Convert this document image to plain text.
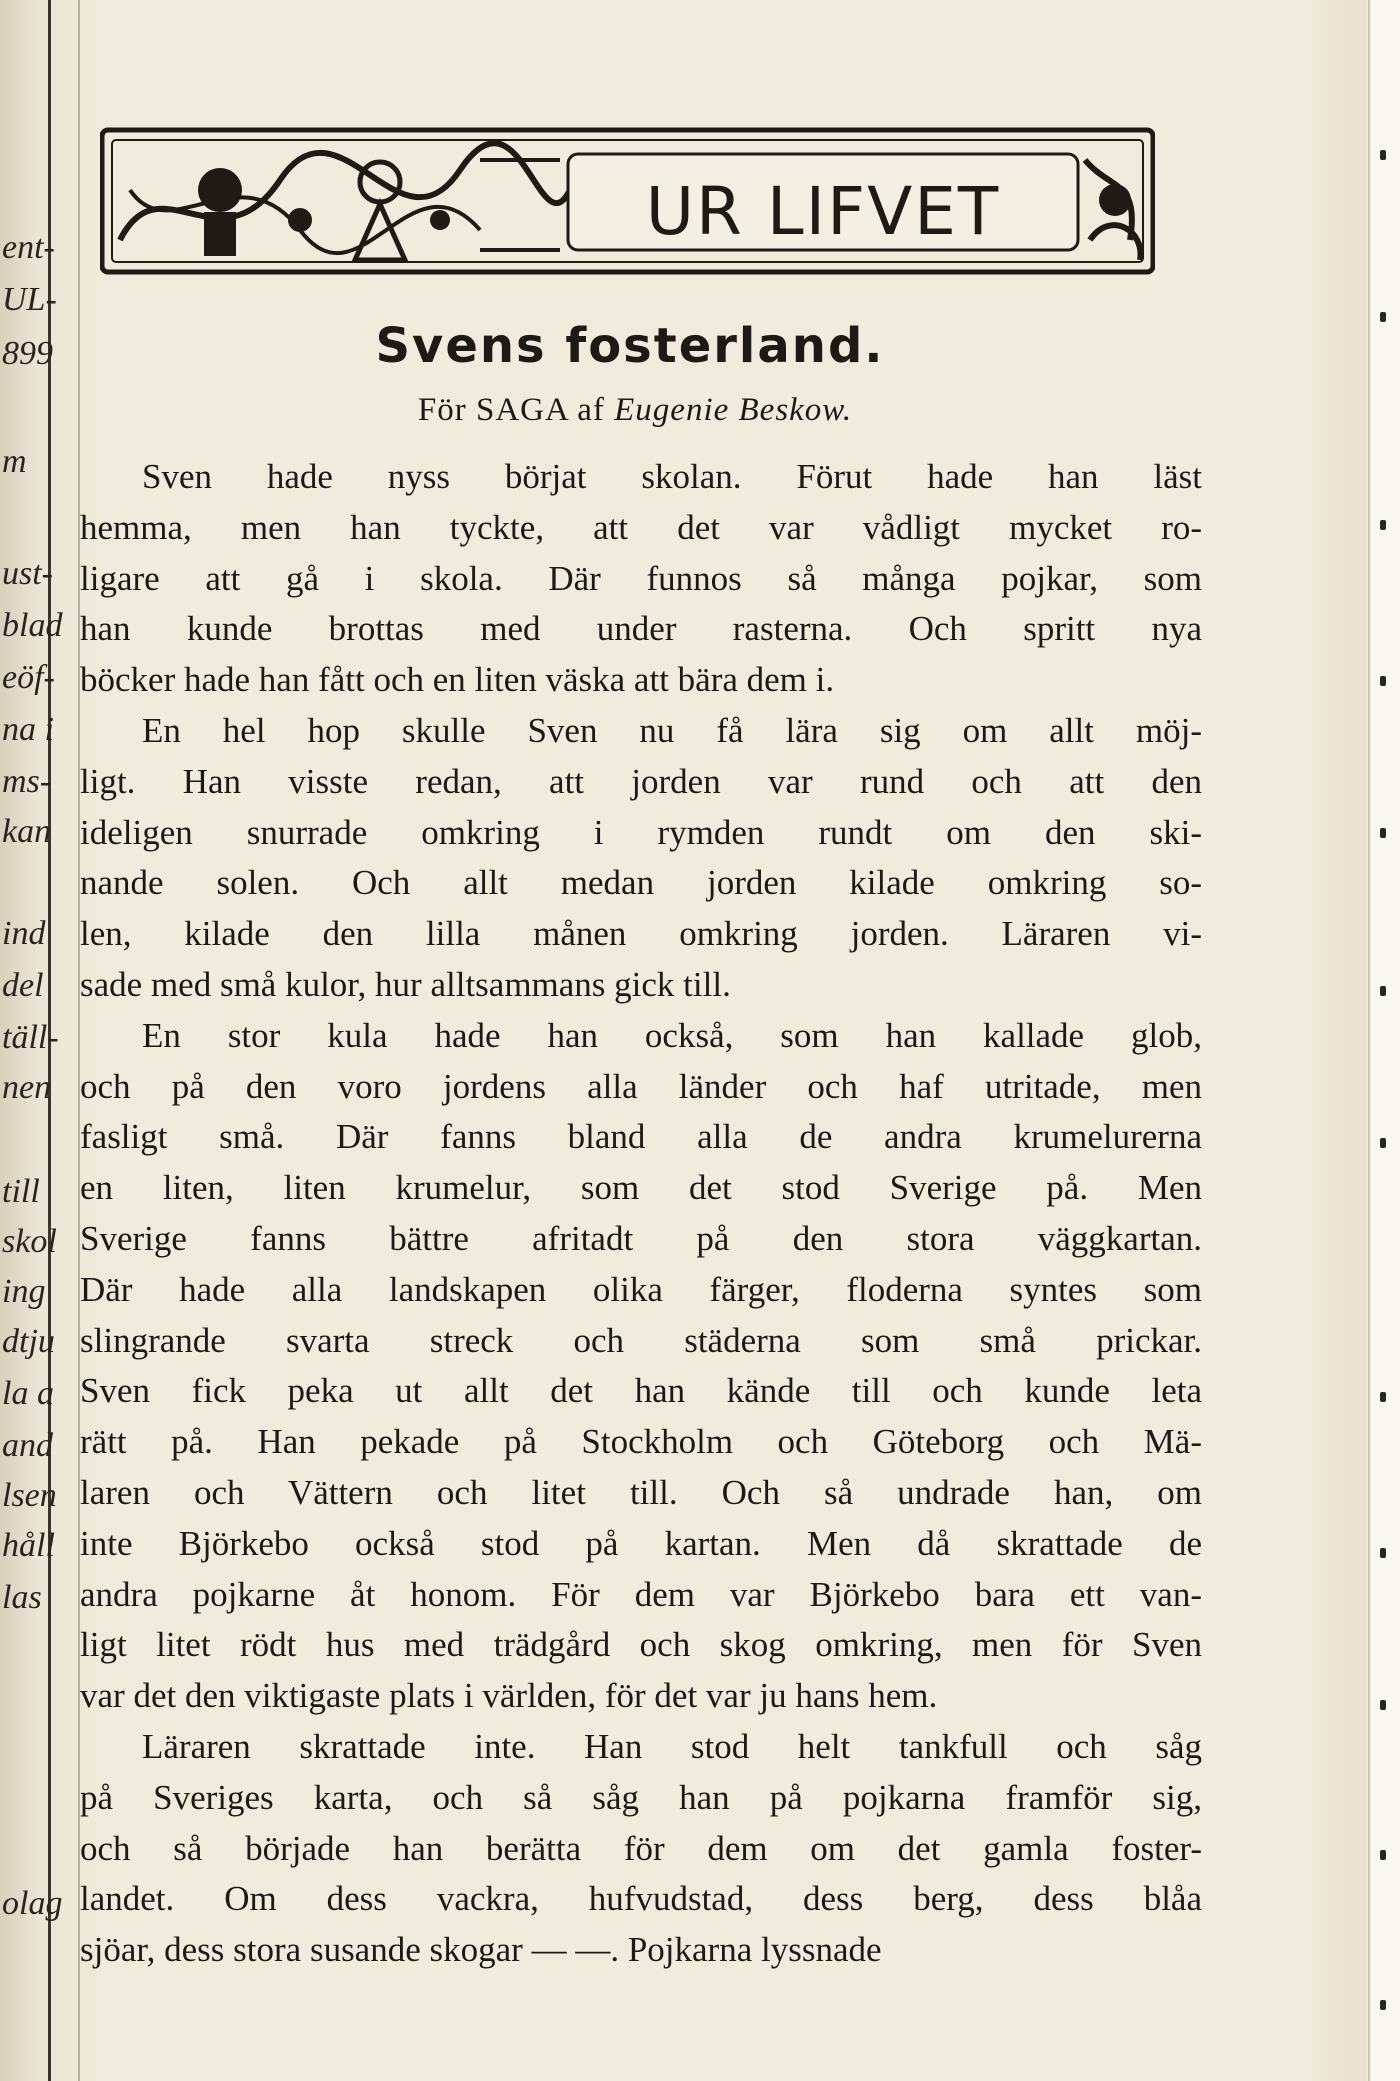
ent-
UL-
899
m
ust-
blad
eöf-
na i
ms-
kan
ind
del
täll-
nen
till
skol
ing
dtju
la a
and
lsen
håll
las
olag
UR LIFVET
Svens fosterland.
För SAGA af Eugenie Beskow.
Sven hade nyss börjat skolan. Förut hade han läst
hemma, men han tyckte, att det var vådligt mycket ro-
ligare att gå i skola. Där funnos så många pojkar, som
han kunde brottas med under rasterna. Och spritt nya
böcker hade han fått och en liten väska att bära dem i.
En hel hop skulle Sven nu få lära sig om allt möj-
ligt. Han visste redan, att jorden var rund och att den
ideligen snurrade omkring i rymden rundt om den ski-
nande solen. Och allt medan jorden kilade omkring so-
len, kilade den lilla månen omkring jorden. Läraren vi-
sade med små kulor, hur alltsammans gick till.
En stor kula hade han också, som han kallade glob,
och på den voro jordens alla länder och haf utritade, men
fasligt små. Där fanns bland alla de andra krumelurerna
en liten, liten krumelur, som det stod Sverige på. Men
Sverige fanns bättre afritadt på den stora väggkartan.
Där hade alla landskapen olika färger, floderna syntes som
slingrande svarta streck och städerna som små prickar.
Sven fick peka ut allt det han kände till och kunde leta
rätt på. Han pekade på Stockholm och Göteborg och Mä-
laren och Vättern och litet till. Och så undrade han, om
inte Björkebo också stod på kartan. Men då skrattade de
andra pojkarne åt honom. För dem var Björkebo bara ett van-
ligt litet rödt hus med trädgård och skog omkring, men för Sven
var det den viktigaste plats i världen, för det var ju hans hem.
Läraren skrattade inte. Han stod helt tankfull och såg
på Sveriges karta, och så såg han på pojkarna framför sig,
och så började han berätta för dem om det gamla foster-
landet. Om dess vackra, hufvudstad, dess berg, dess blåa
sjöar, dess stora susande skogar — —. Pojkarna lyssnade
